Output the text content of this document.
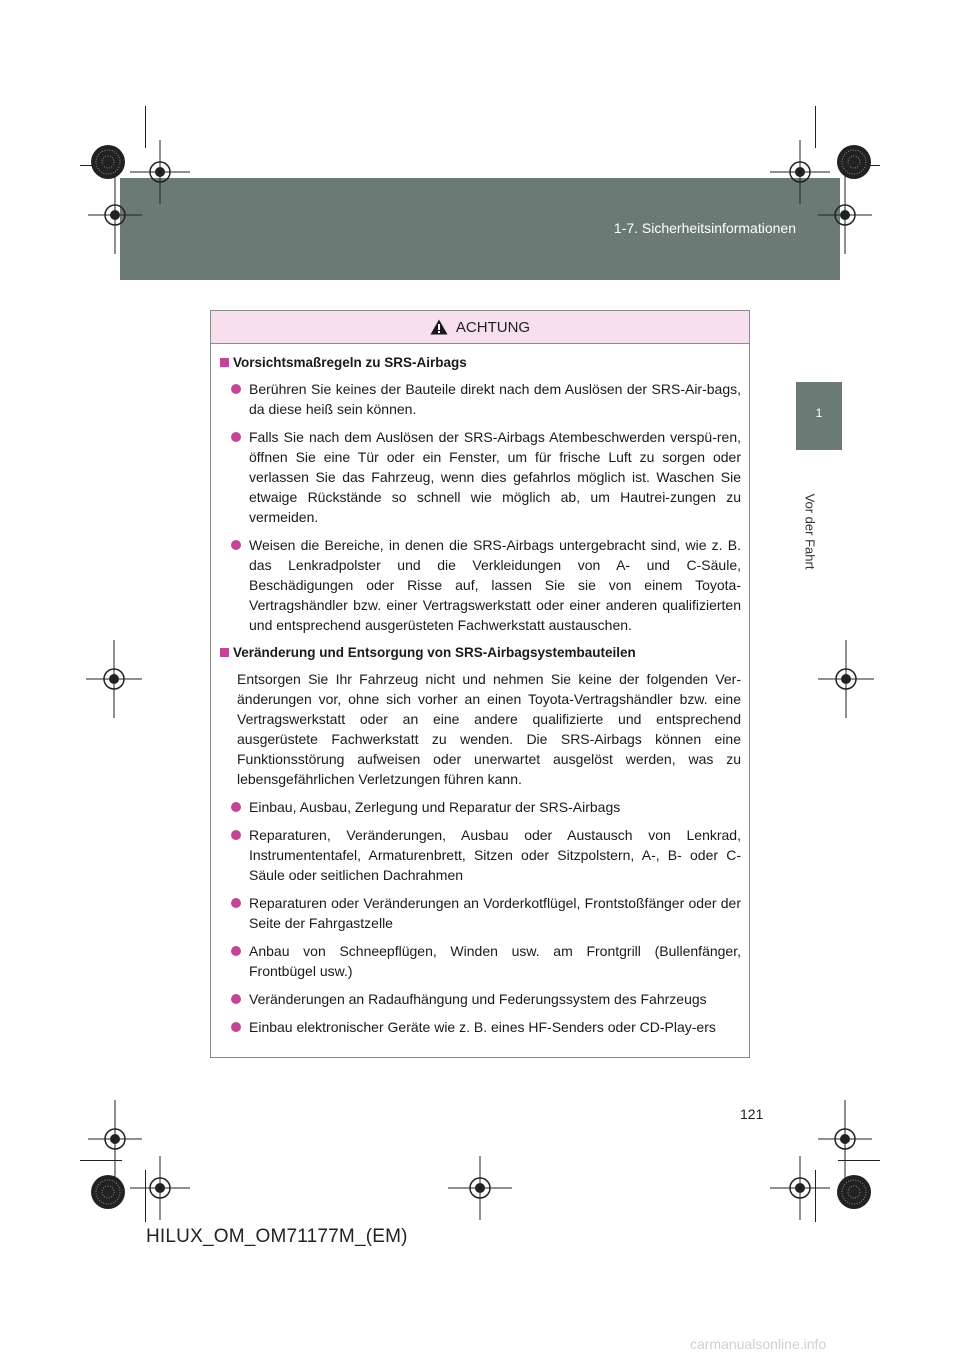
1-7. Sicherheitsinformationen
HILUX_OM_OM71177M_(EM).book Page 121 Wednesday, May 16, 2012 1:28 PM
1
Vor der Fahrt
ACHTUNG
Vorsichtsmaßregeln zu SRS-Airbags
Berühren Sie keines der Bauteile direkt nach dem Auslösen der SRS-Air-bags, da diese heiß sein können.
Falls Sie nach dem Auslösen der SRS-Airbags Atembeschwerden verspü-ren, öffnen Sie eine Tür oder ein Fenster, um für frische Luft zu sorgen oder verlassen Sie das Fahrzeug, wenn dies gefahrlos möglich ist. Waschen Sie etwaige Rückstände so schnell wie möglich ab, um Hautrei-zungen zu vermeiden.
Weisen die Bereiche, in denen die SRS-Airbags untergebracht sind, wie z. B. das Lenkradpolster und die Verkleidungen von A- und C-Säule, Beschädigungen oder Risse auf, lassen Sie sie von einem Toyota-Vertragshändler bzw. einer Vertragswerkstatt oder einer anderen qualifizierten und entsprechend ausgerüsteten Fachwerkstatt austauschen.
Veränderung und Entsorgung von SRS-Airbagsystembauteilen
Entsorgen Sie Ihr Fahrzeug nicht und nehmen Sie keine der folgenden Ver-änderungen vor, ohne sich vorher an einen Toyota-Vertragshändler bzw. eine Vertragswerkstatt oder an eine andere qualifizierte und entsprechend ausgerüstete Fachwerkstatt zu wenden. Die SRS-Airbags können eine Funktionsstörung aufweisen oder unerwartet ausgelöst werden, was zu lebensgefährlichen Verletzungen führen kann.
Einbau, Ausbau, Zerlegung und Reparatur der SRS-Airbags
Reparaturen, Veränderungen, Ausbau oder Austausch von Lenkrad, Instrumententafel, Armaturenbrett, Sitzen oder Sitzpolstern, A-, B- oder C-Säule oder seitlichen Dachrahmen
Reparaturen oder Veränderungen an Vorderkotflügel, Frontstoßfänger oder der Seite der Fahrgastzelle
Anbau von Schneepflügen, Winden usw. am Frontgrill (Bullenfänger, Frontbügel usw.)
Veränderungen an Radaufhängung und Federungssystem des Fahrzeugs
Einbau elektronischer Geräte wie z. B. eines HF-Senders oder CD-Play-ers
121
HILUX_OM_OM71177M_(EM)
carmanualsonline.info
